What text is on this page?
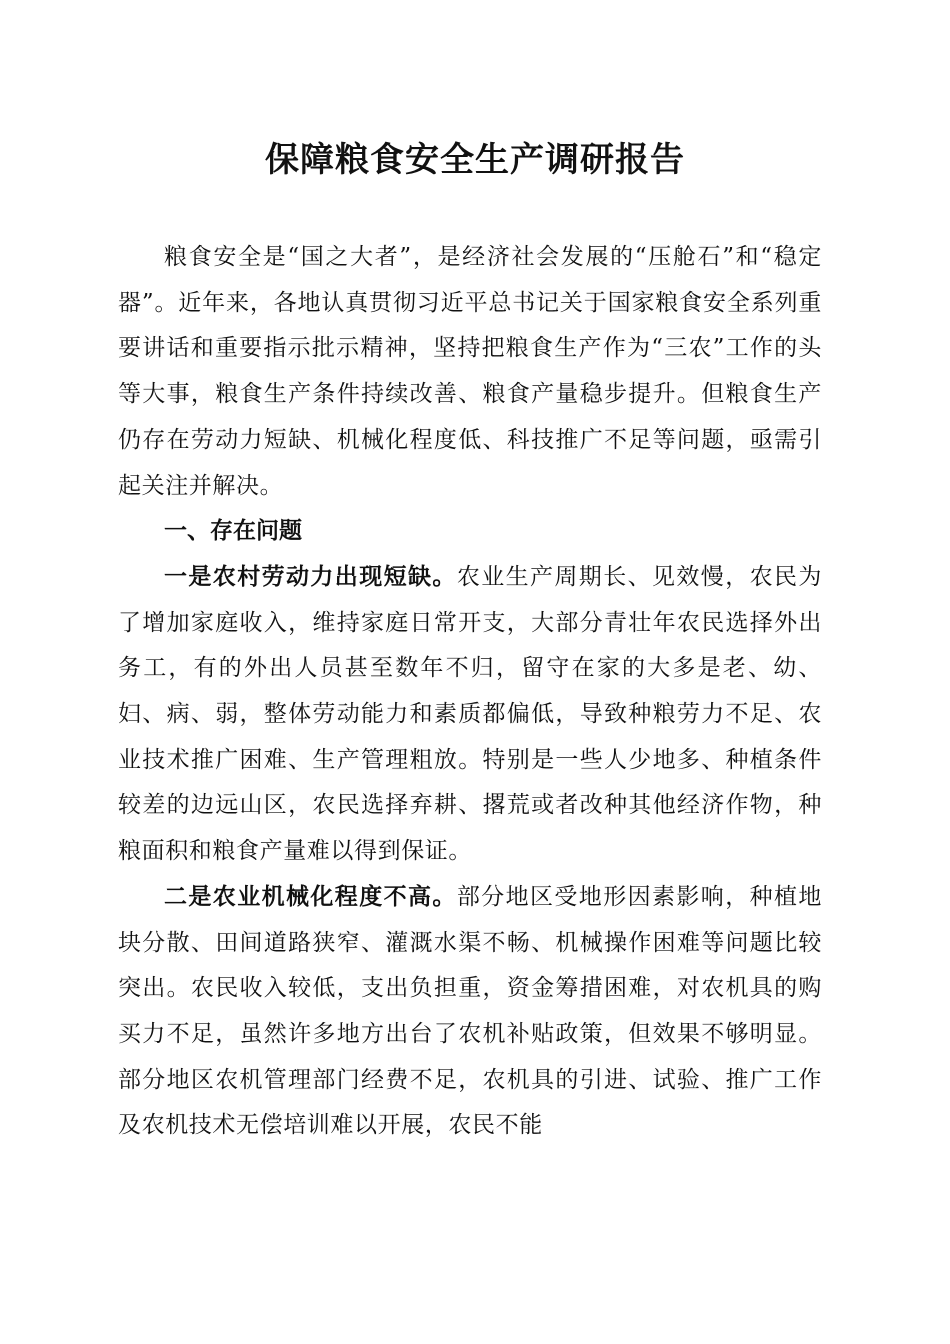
保障粮食安全生产调研报告

粮食安全是“国之大者”，是经济社会发展的“压舱石”和“稳定器”。近年来，各地认真贯彻习近平总书记关于国家粮食安全系列重要讲话和重要指示批示精神，坚持把粮食生产作为“三农”工作的头等大事，粮食生产条件持续改善、粮食产量稳步提升。但粮食生产仍存在劳动力短缺、机械化程度低、科技推广不足等问题，亟需引起关注并解决。

一、存在问题

一是农村劳动力出现短缺。农业生产周期长、见效慢，农民为了增加家庭收入，维持家庭日常开支，大部分青壮年农民选择外出务工，有的外出人员甚至数年不归，留守在家的大多是老、幼、妇、病、弱，整体劳动能力和素质都偏低，导致种粮劳力不足、农业技术推广困难、生产管理粗放。特别是一些人少地多、种植条件较差的边远山区，农民选择弃耕、撂荒或者改种其他经济作物，种粮面积和粮食产量难以得到保证。

二是农业机械化程度不高。部分地区受地形因素影响，种植地块分散、田间道路狭窄、灌溉水渠不畅、机械操作困难等问题比较突出。农民收入较低，支出负担重，资金筹措困难，对农机具的购买力不足，虽然许多地方出台了农机补贴政策，但效果不够明显。部分地区农机管理部门经费不足，农机具的引进、试验、推广工作及农机技术无偿培训难以开展，农民不能
